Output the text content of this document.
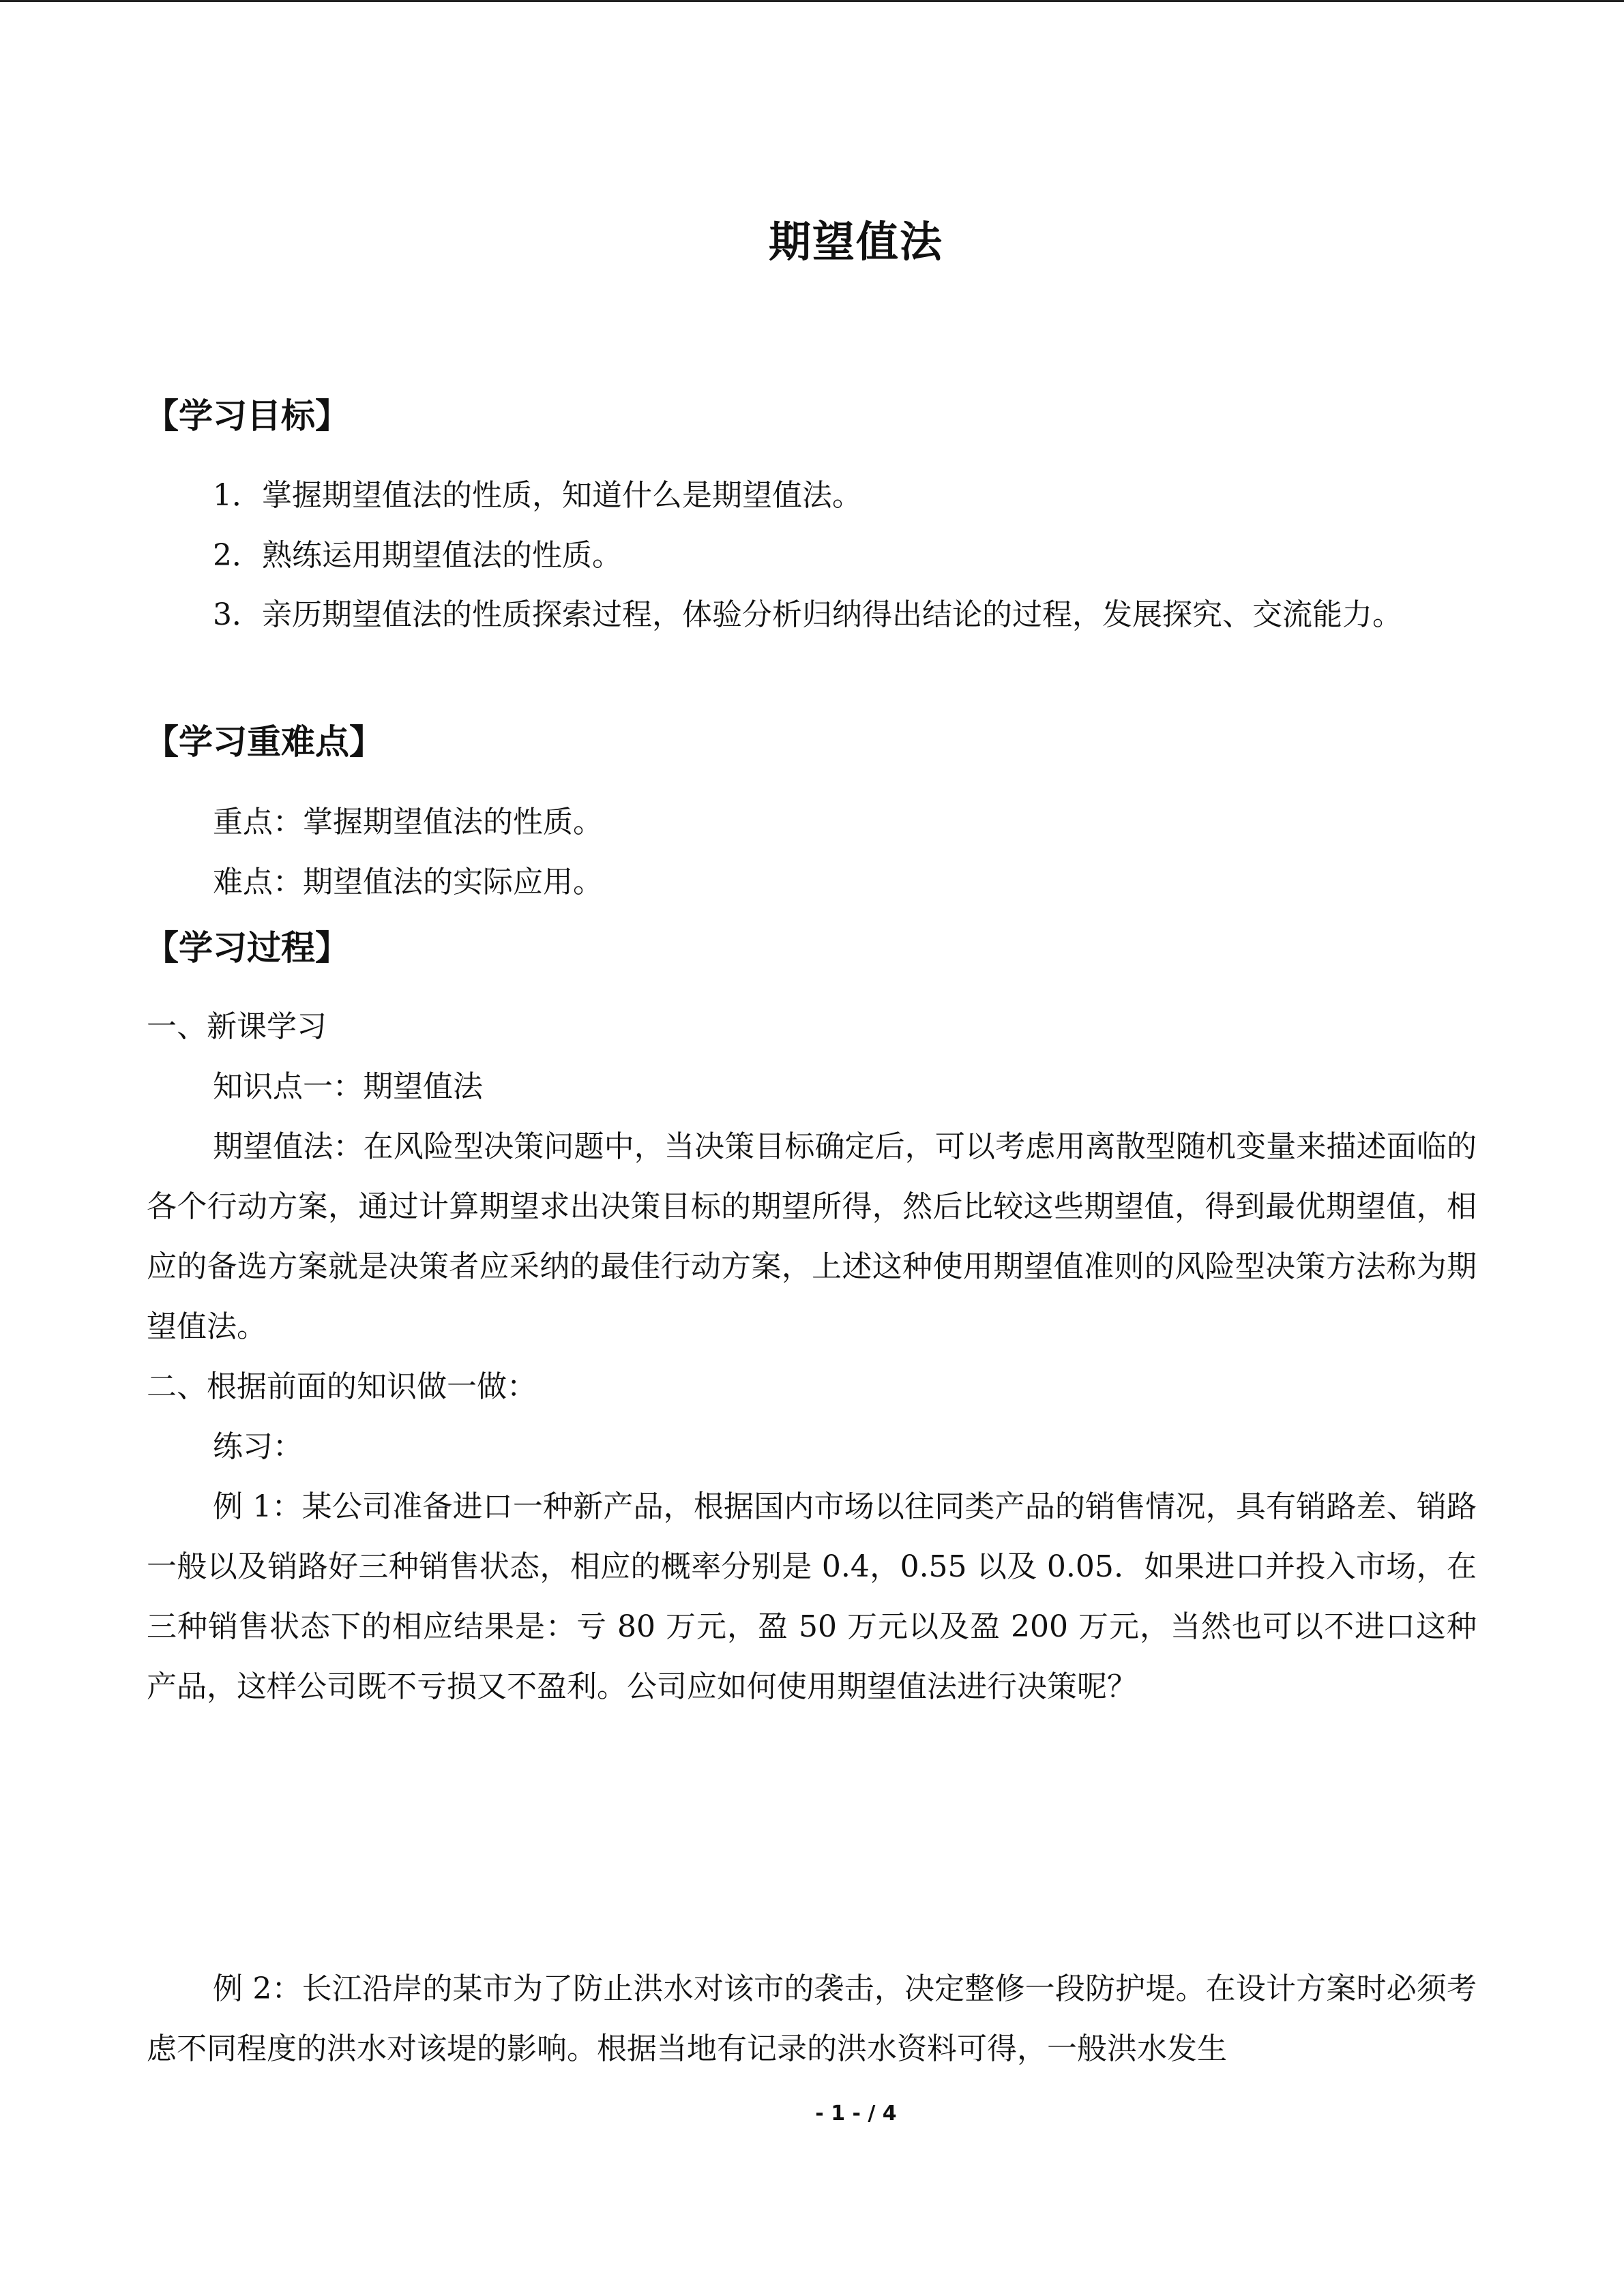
期望值法
【学习目标】

1．掌握期望值法的性质，知道什么是期望值法。

2．熟练运用期望值法的性质。

3．亲历期望值法的性质探索过程，体验分析归纳得出结论的过程，发展探究、交流能力。

【学习重难点】

重点：掌握期望值法的性质。

难点：期望值法的实际应用。

【学习过程】

一、新课学习

知识点一：期望值法

期望值法：在风险型决策问题中，当决策目标确定后，可以考虑用离散型随机变量来描述面临的各个行动方案，通过计算期望求出决策目标的期望所得，然后比较这些期望值，得到最优期望值，相应的备选方案就是决策者应采纳的最佳行动方案，上述这种使用期望值准则的风险型决策方法称为期望值法。

二、根据前面的知识做一做：

练习：

例 1：某公司准备进口一种新产品，根据国内市场以往同类产品的销售情况，具有销路差、销路一般以及销路好三种销售状态，相应的概率分别是 0.4，0.55 以及 0.05．如果进口并投入市场，在三种销售状态下的相应结果是：亏 80 万元，盈 50 万元以及盈 200 万元，当然也可以不进口这种产品，这样公司既不亏损又不盈利。公司应如何使用期望值法进行决策呢？

例 2：长江沿岸的某市为了防止洪水对该市的袭击，决定整修一段防护堤。在设计方案时必须考虑不同程度的洪水对该堤的影响。根据当地有记录的洪水资料可得，一般洪水发生

- 1 - / 4
